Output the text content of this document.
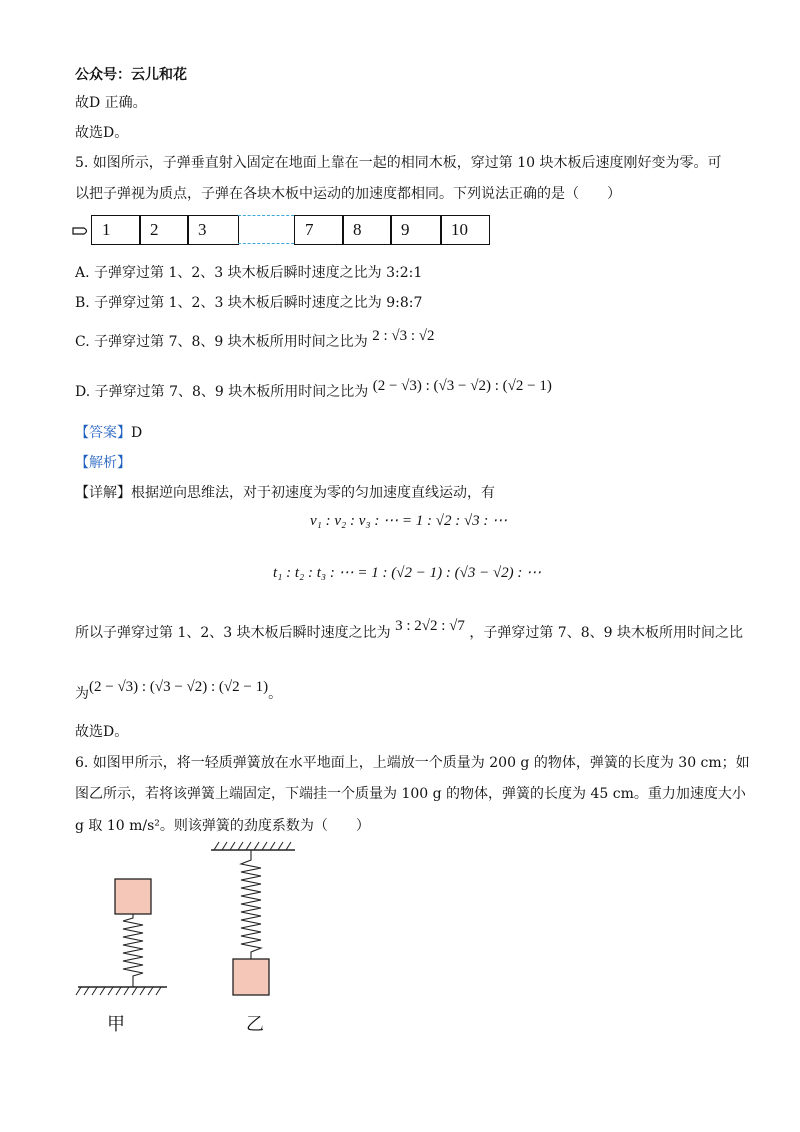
公众号：云儿和花
故D 正确。
故选D。
5. 如图所示，子弹垂直射入固定在地面上靠在一起的相同木板，穿过第 10 块木板后速度刚好变为零。可
以把子弹视为质点，子弹在各块木板中运动的加速度都相同。下列说法正确的是（　　）
1	2	3	7	8	9	10
A. 子弹穿过第 1、2、3 块木板后瞬时速度之比为 3:2:1
B. 子弹穿过第 1、2、3 块木板后瞬时速度之比为 9:8:7
C. 子弹穿过第 7、8、9 块木板所用时间之比为 2 : √3 : √2
D. 子弹穿过第 7、8、9 块木板所用时间之比为 (2 − √3) : (√3 − √2) : (√2 − 1)
【答案】D
【解析】
【详解】根据逆向思维法，对于初速度为零的匀加速度直线运动，有
v₁ : v₂ : v₃ : ⋯ = 1 : √2 : √3 : ⋯
t₁ : t₂ : t₃ : ⋯ = 1 : (√2 − 1) : (√3 − √2) : ⋯
所以子弹穿过第 1、2、3 块木板后瞬时速度之比为 3 : 2√2 : √7 ，子弹穿过第 7、8、9 块木板所用时间之比
为(2 − √3) : (√3 − √2) : (√2 − 1)。
故选D。
6. 如图甲所示，将一轻质弹簧放在水平地面上，上端放一个质量为 200 g 的物体，弹簧的长度为 30 cm；如
图乙所示，若将该弹簧上端固定，下端挂一个质量为 100 g 的物体，弹簧的长度为 45 cm。重力加速度大小
g 取 10 m/s²。则该弹簧的劲度系数为（　　）
甲	乙
